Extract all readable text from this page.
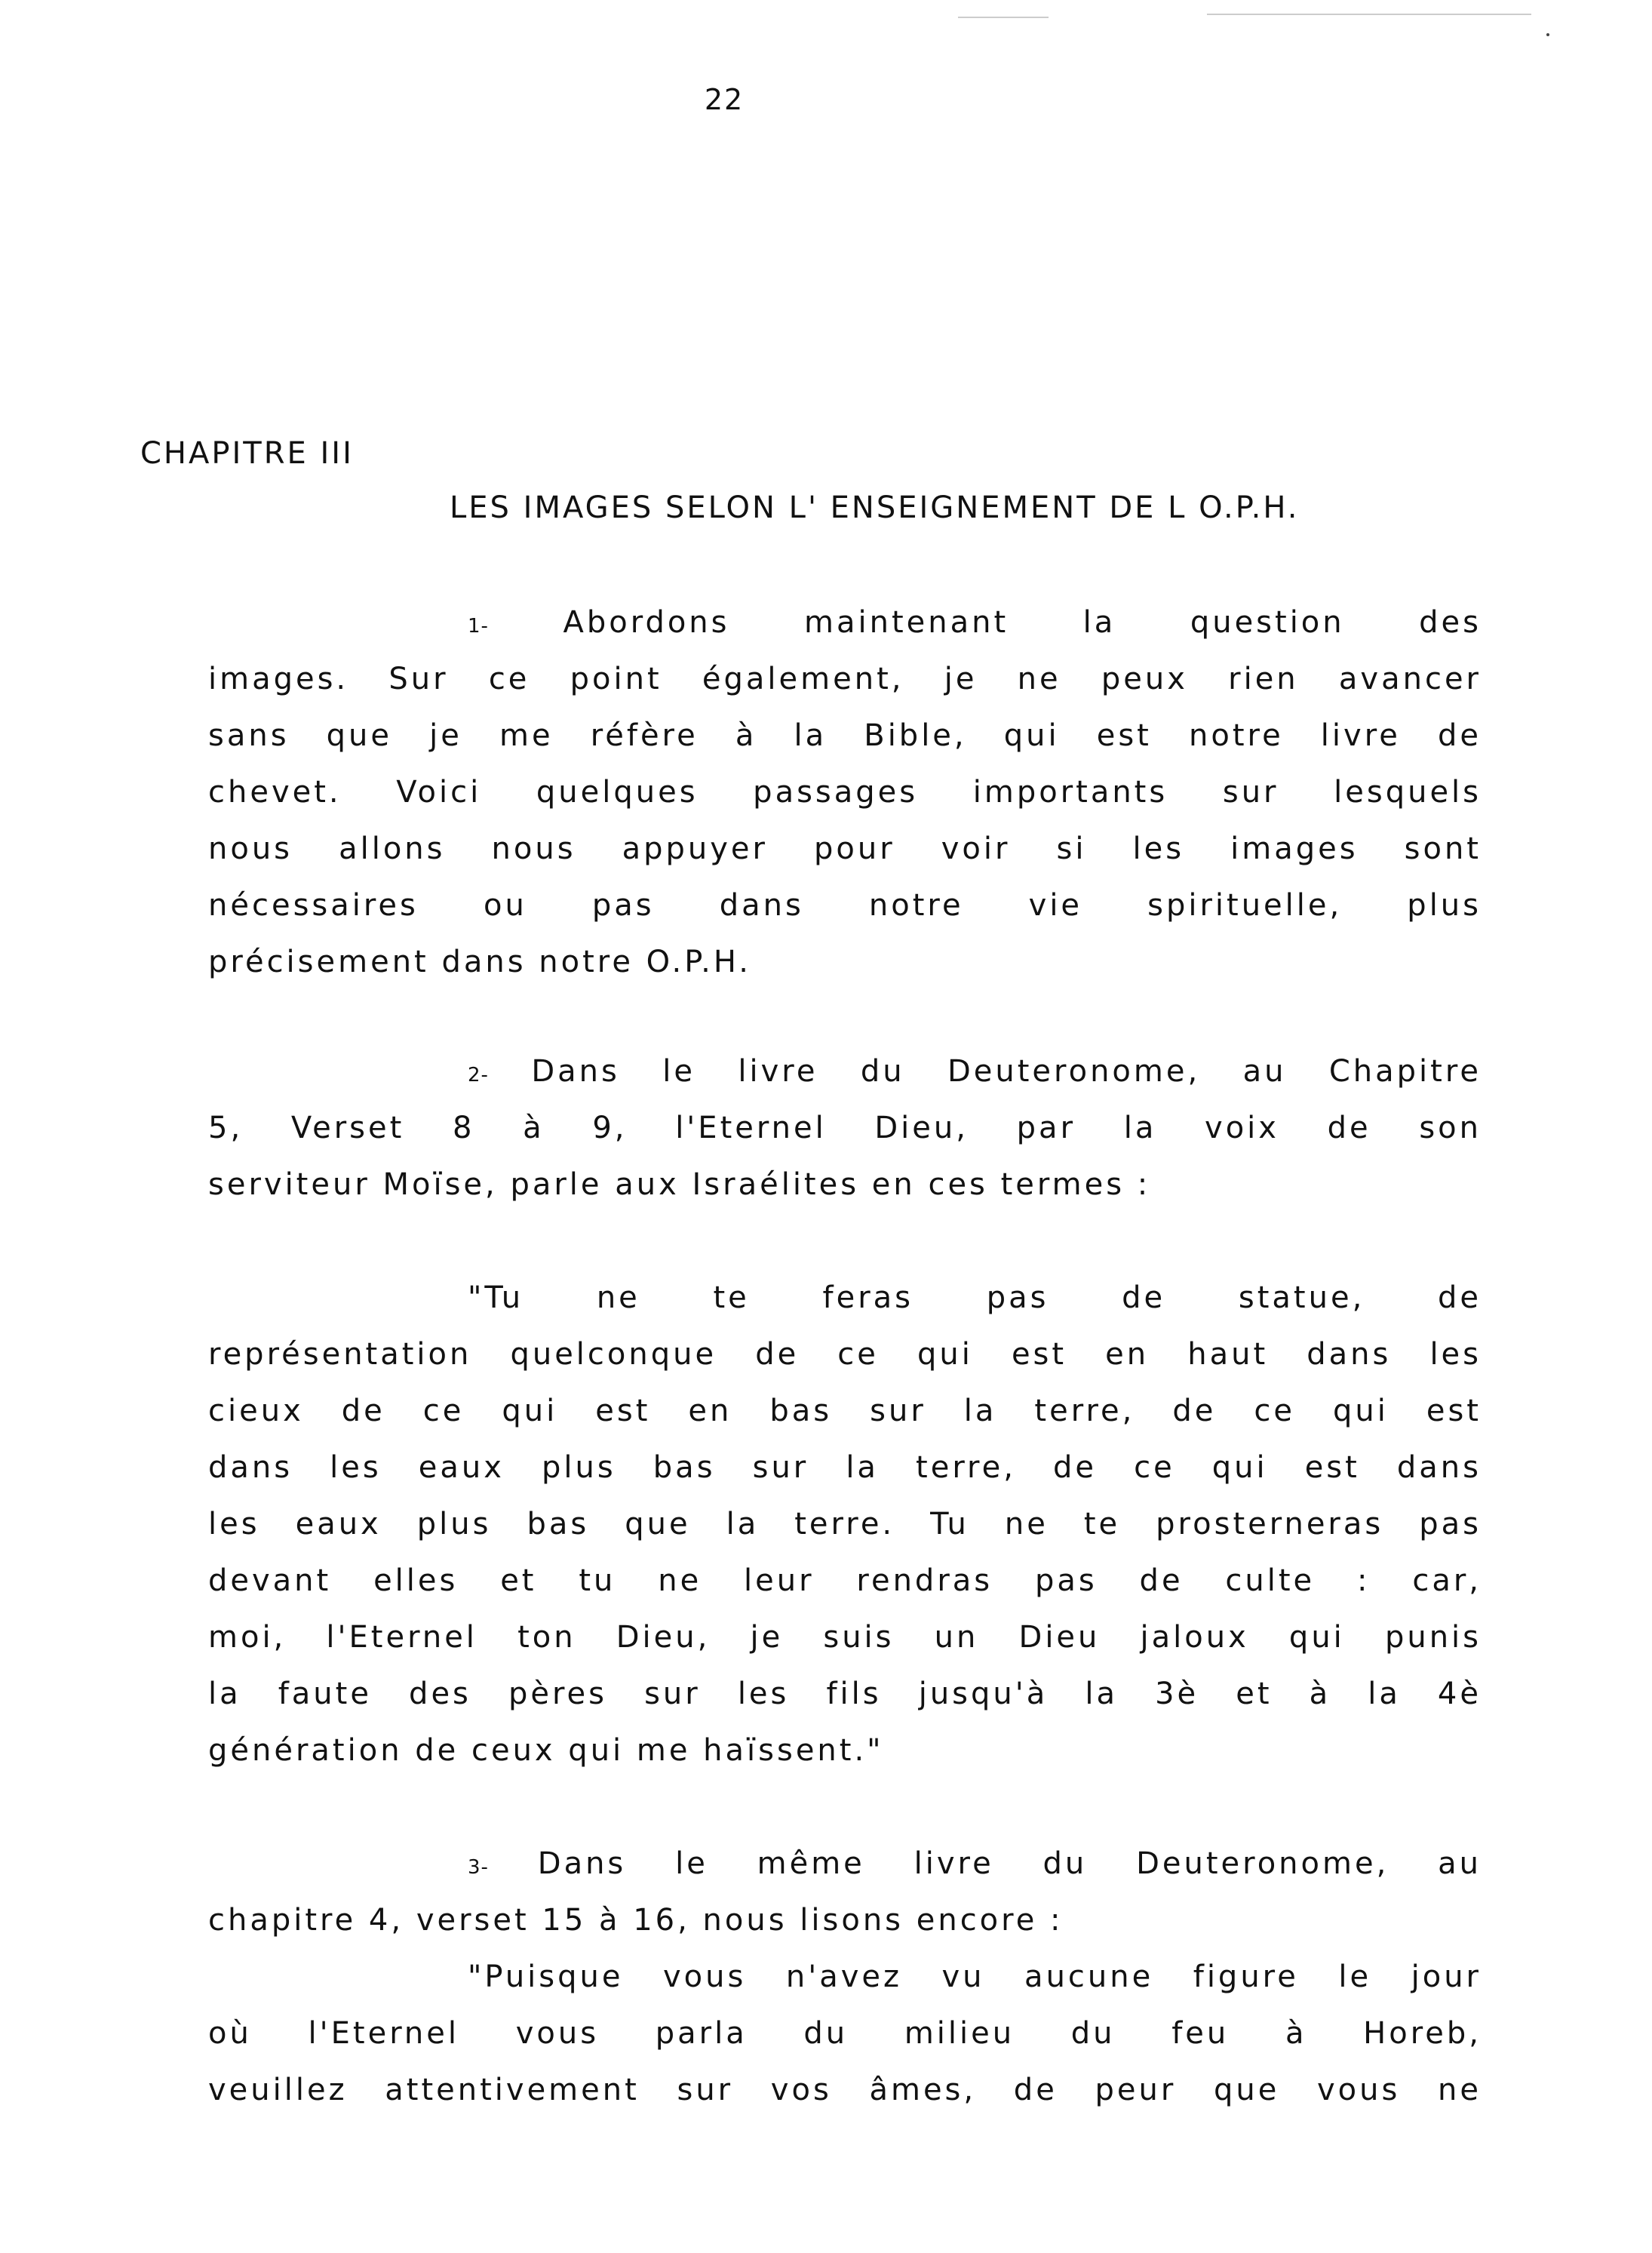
22
CHAPITRE III
LES IMAGES SELON L' ENSEIGNEMENT DE L O.P.H.
1- Abordons maintenant la question des
images. Sur ce point également, je ne peux rien avancer
sans que je me réfère à la Bible, qui est notre livre de
chevet. Voici quelques passages importants sur lesquels
nous allons nous appuyer pour voir si les images sont
nécessaires ou pas dans notre vie spirituelle, plus
précisement dans notre O.P.H.
2- Dans le livre du Deuteronome, au Chapitre
5, Verset 8 à 9, l'Eternel Dieu, par la voix de son
serviteur Moïse, parle aux Israélites en ces termes :
"Tu ne te feras pas de statue, de
représentation quelconque de ce qui est en haut dans les
cieux de ce qui est en bas sur la terre, de ce qui est
dans les eaux plus bas sur la terre, de ce qui est dans
les eaux plus bas que la terre. Tu ne te prosterneras pas
devant elles et tu ne leur rendras pas de culte : car,
moi, l'Eternel ton Dieu, je suis un Dieu jaloux qui punis
la faute des pères sur les fils jusqu'à la 3è et à la 4è
génération de ceux qui me haïssent."
3- Dans le même livre du Deuteronome, au
chapitre 4, verset 15 à 16, nous lisons encore :
"Puisque vous n'avez vu aucune figure le jour
où l'Eternel vous parla du milieu du feu à Horeb,
veuillez attentivement sur vos âmes, de peur que vous ne
